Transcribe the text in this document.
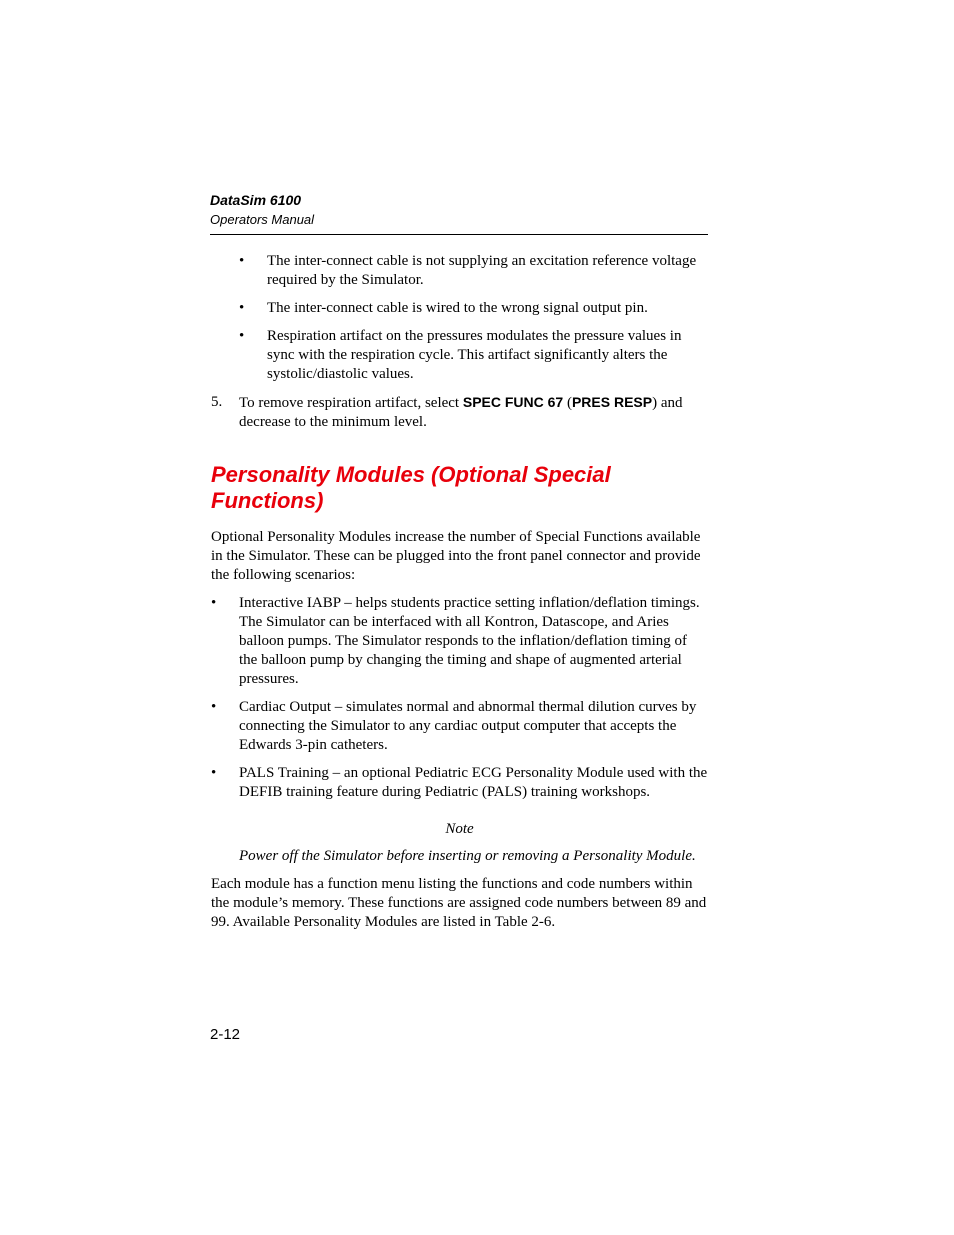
DataSim 6100

Operators Manual

• The inter-connect cable is not supplying an excitation reference voltage required by the Simulator.
• The inter-connect cable is wired to the wrong signal output pin.
• Respiration artifact on the pressures modulates the pressure values in sync with the respiration cycle. This artifact significantly alters the systolic/diastolic values.
5. To remove respiration artifact, select SPEC FUNC 67 (PRES RESP) and decrease to the minimum level.
Personality Modules (Optional Special Functions)

Optional Personality Modules increase the number of Special Functions available in the Simulator. These can be plugged into the front panel connector and provide the following scenarios:

• Interactive IABP – helps students practice setting inflation/deflation timings. The Simulator can be interfaced with all Kontron, Datascope, and Aries balloon pumps. The Simulator responds to the inflation/deflation timing of the balloon pump by changing the timing and shape of augmented arterial pressures.
• Cardiac Output – simulates normal and abnormal thermal dilution curves by connecting the Simulator to any cardiac output computer that accepts the Edwards 3-pin catheters.
• PALS Training – an optional Pediatric ECG Personality Module used with the DEFIB training feature during Pediatric (PALS) training workshops.

Note

Power off the Simulator before inserting or removing a Personality Module.

Each module has a function menu listing the functions and code numbers within the module’s memory. These functions are assigned code numbers between 89 and 99. Available Personality Modules are listed in Table 2-6.

2-12
